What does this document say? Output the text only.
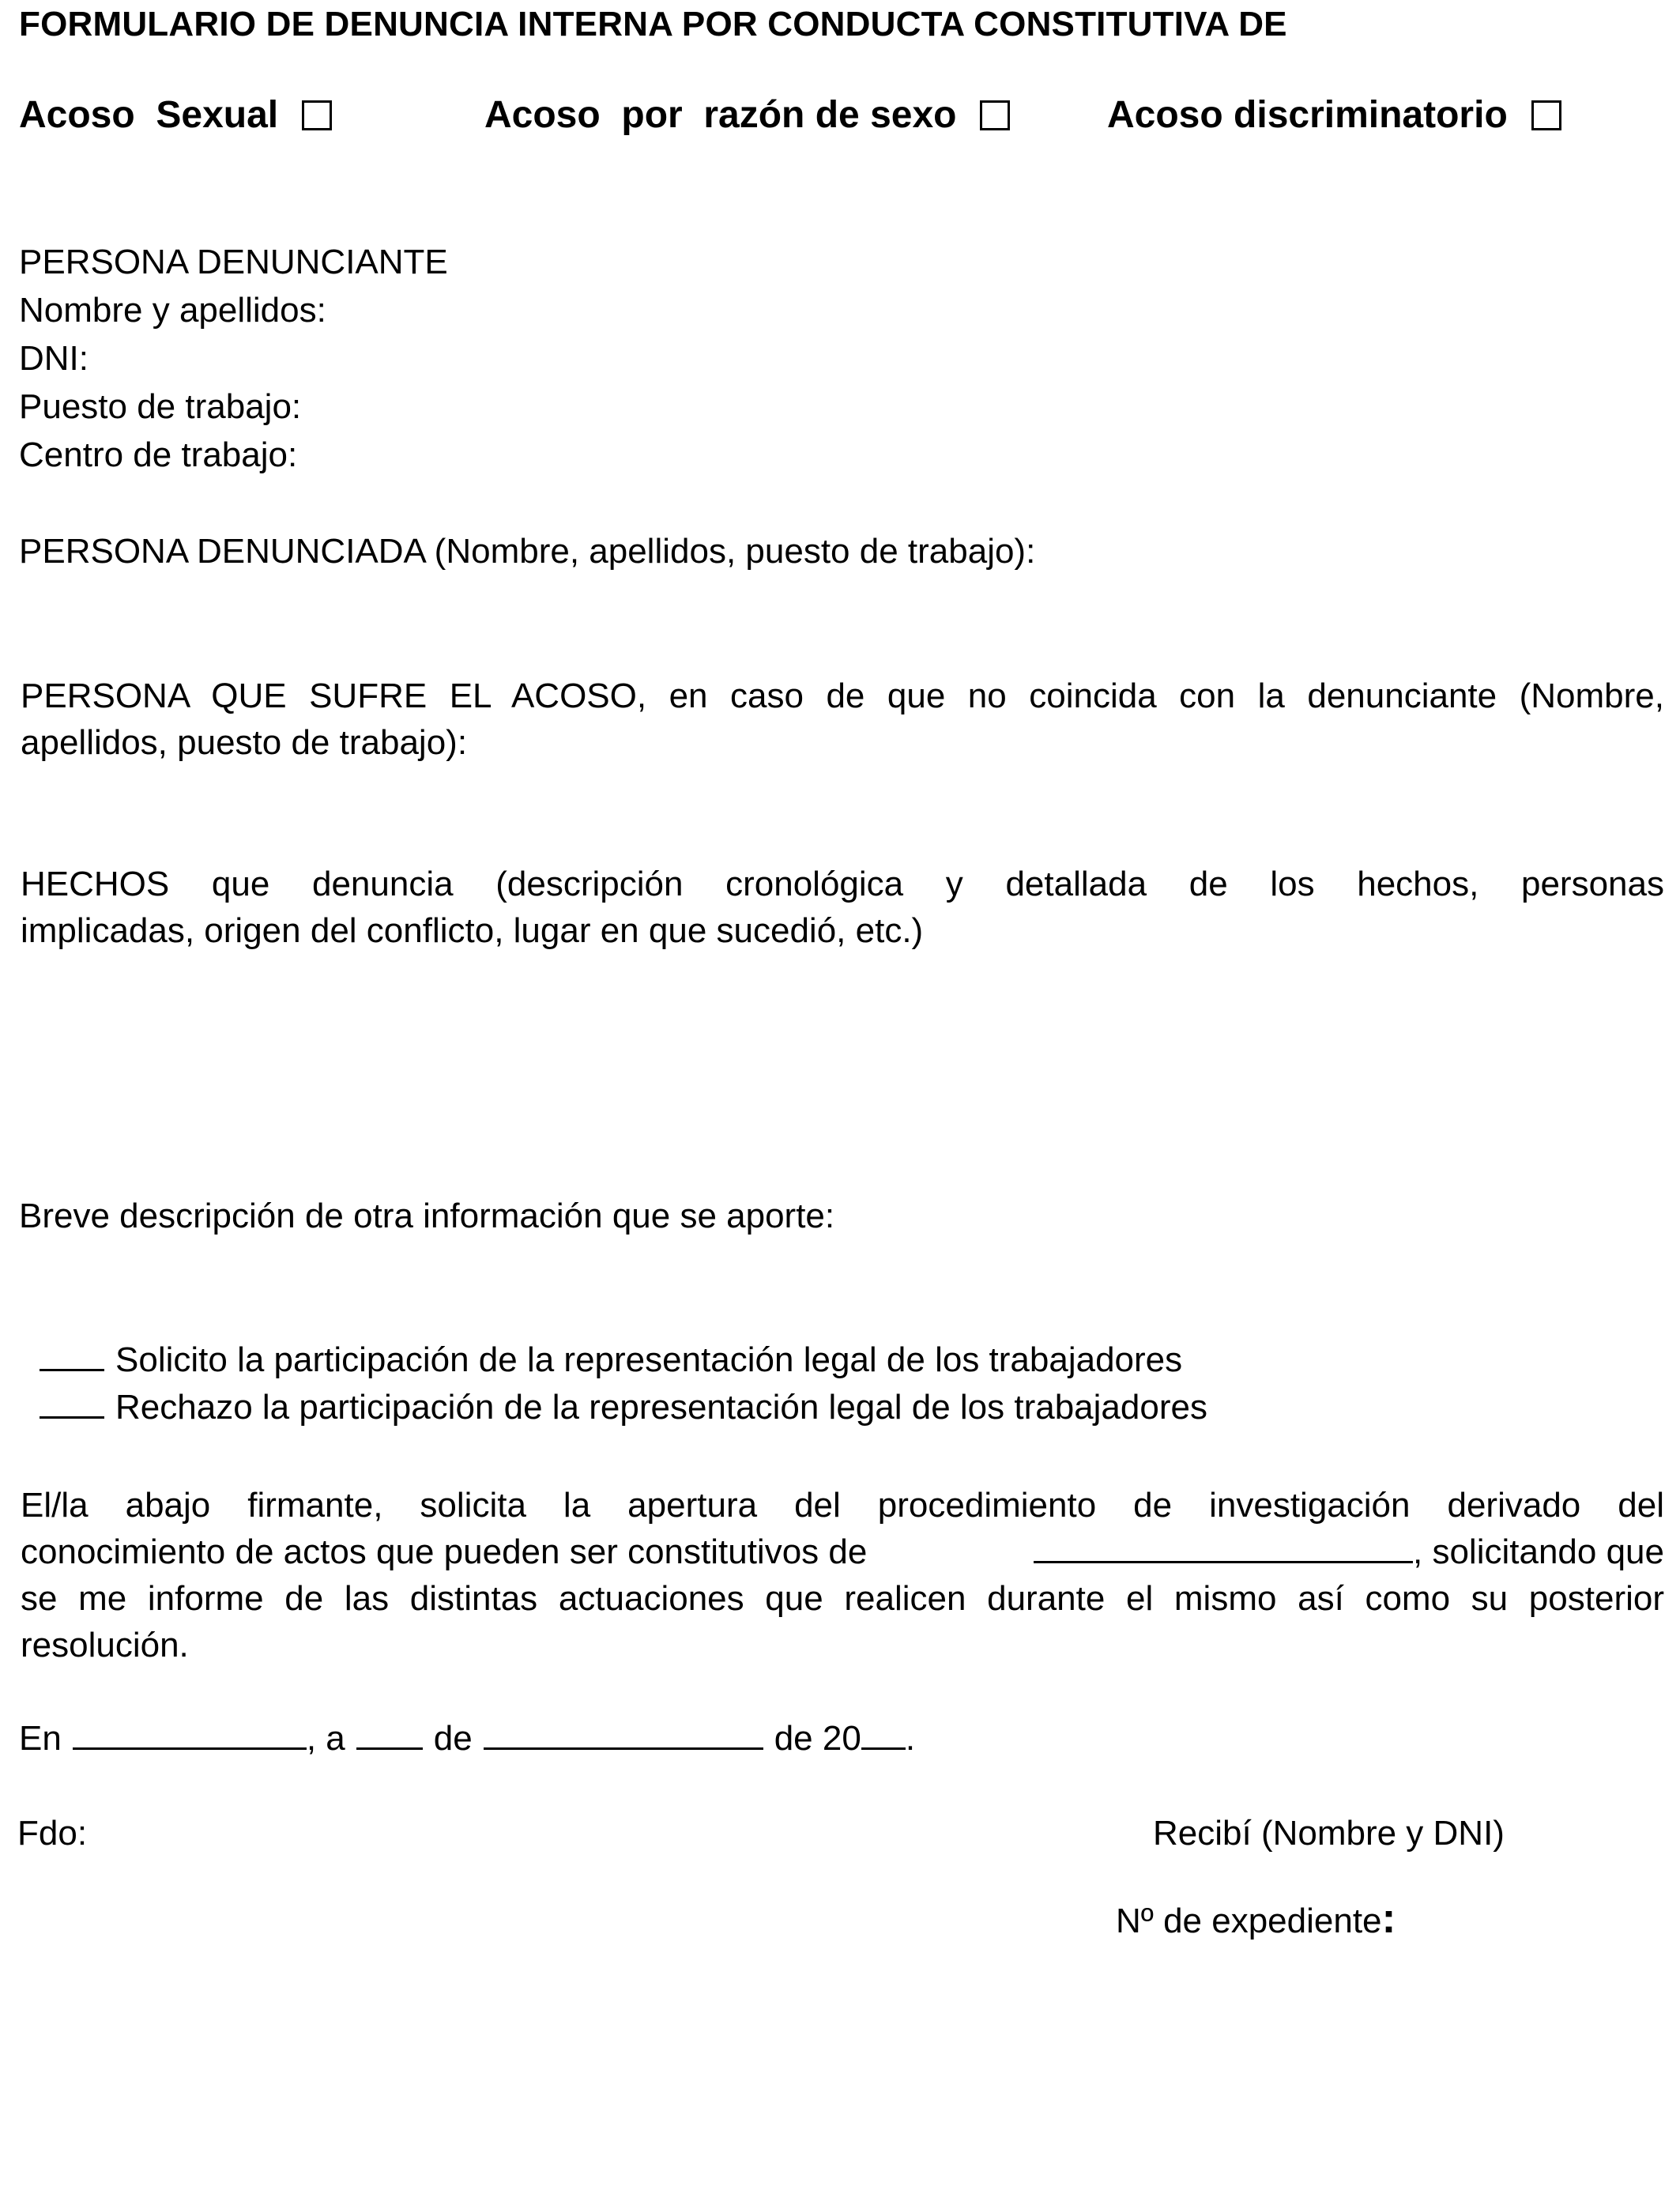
FORMULARIO DE DENUNCIA INTERNA POR CONDUCTA CONSTITUTIVA DE
Acoso  Sexual	Acoso  por  razón de sexo	Acoso discriminatorio
PERSONA DENUNCIANTE
Nombre y apellidos:
DNI:
Puesto de trabajo:
Centro de trabajo:
PERSONA DENUNCIADA (Nombre, apellidos, puesto de trabajo):
PERSONA QUE SUFRE EL ACOSO, en caso de que no coincida con la denunciante (Nombre,
apellidos, puesto de trabajo):
HECHOS que denuncia (descripción cronológica y detallada de los hechos, personas
implicadas, origen del conflicto, lugar en que sucedió, etc.)
Breve descripción de otra información que se aporte:
Solicito la participación de la representación legal de los trabajadores
Rechazo la participación de la representación legal de los trabajadores
El/la abajo firmante, solicita la apertura del procedimiento de investigación derivado del
conocimiento de actos que pueden ser constitutivos de	, solicitando que
se me informe de las distintas actuaciones que realicen durante el mismo así como su posterior
resolución.
En	, a	de	de 20 .
Fdo:	Recibí (Nombre y DNI)
Nº de expediente :
